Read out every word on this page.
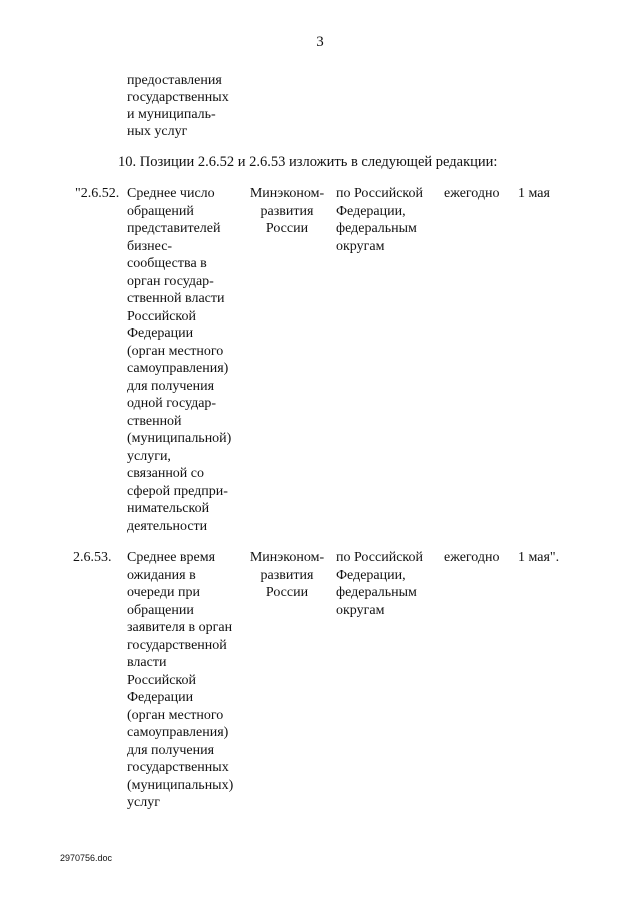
3
предоставления
государственных
и муниципаль-
ных услуг
10. Позиции 2.6.52 и 2.6.53 изложить в следующей редакции:
"2.6.52. Среднее число
обращений
представителей
бизнес-
сообщества в
орган государ-
ственной власти
Российской
Федерации
(орган местного
самоуправления)
для получения
одной государ-
ственной
(муниципальной)
услуги,
связанной со
сферой предпри-
нимательской
деятельности
Минэконом-
развития
России
по Российской
Федерации,
федеральным
округам
ежегодно 1 мая
2.6.53. Среднее время
ожидания в
очереди при
обращении
заявителя в орган
государственной
власти
Российской
Федерации
(орган местного
самоуправления)
для получения
государственных
(муниципальных)
услуг
Минэконом-
развития
России
по Российской
Федерации,
федеральным
округам
ежегодно 1 мая".
2970756.doc
